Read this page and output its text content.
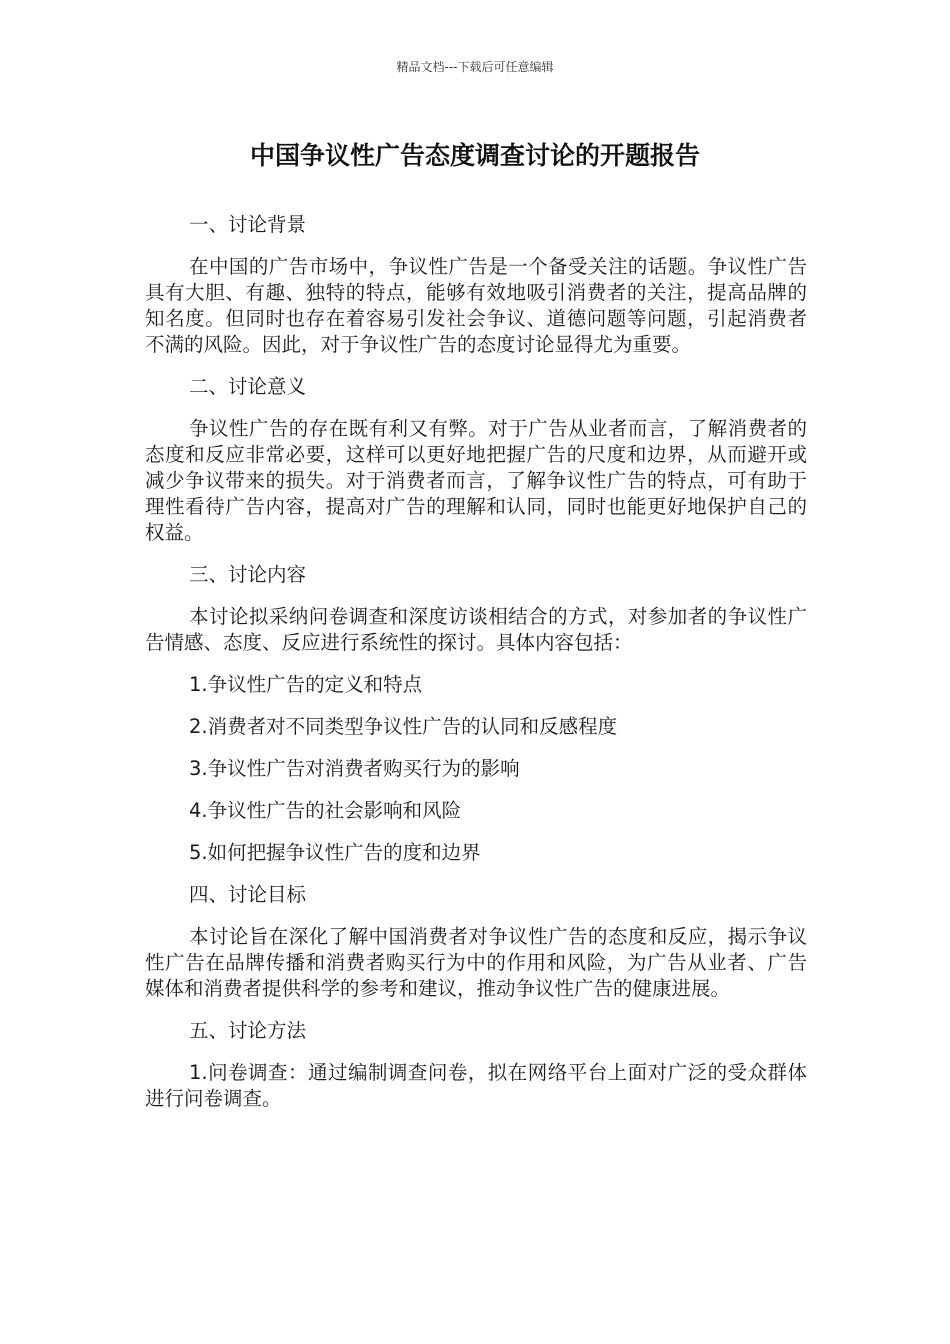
精品文档---下载后可任意编辑
中国争议性广告态度调查讨论的开题报告
一、讨论背景
在中国的广告市场中，争议性广告是一个备受关注的话题。争议性广告具有大胆、有趣、独特的特点，能够有效地吸引消费者的关注，提高品牌的知名度。但同时也存在着容易引发社会争议、道德问题等问题，引起消费者不满的风险。因此，对于争议性广告的态度讨论显得尤为重要。
二、讨论意义
争议性广告的存在既有利又有弊。对于广告从业者而言，了解消费者的态度和反应非常必要，这样可以更好地把握广告的尺度和边界，从而避开或减少争议带来的损失。对于消费者而言，了解争议性广告的特点，可有助于理性看待广告内容，提高对广告的理解和认同，同时也能更好地保护自己的权益。
三、讨论内容
本讨论拟采纳问卷调查和深度访谈相结合的方式，对参加者的争议性广告情感、态度、反应进行系统性的探讨。具体内容包括：
1.争议性广告的定义和特点
2.消费者对不同类型争议性广告的认同和反感程度
3.争议性广告对消费者购买行为的影响
4.争议性广告的社会影响和风险
5.如何把握争议性广告的度和边界
四、讨论目标
本讨论旨在深化了解中国消费者对争议性广告的态度和反应，揭示争议性广告在品牌传播和消费者购买行为中的作用和风险，为广告从业者、广告媒体和消费者提供科学的参考和建议，推动争议性广告的健康进展。
五、讨论方法
1.问卷调查：通过编制调查问卷，拟在网络平台上面对广泛的受众群体进行问卷调查。
